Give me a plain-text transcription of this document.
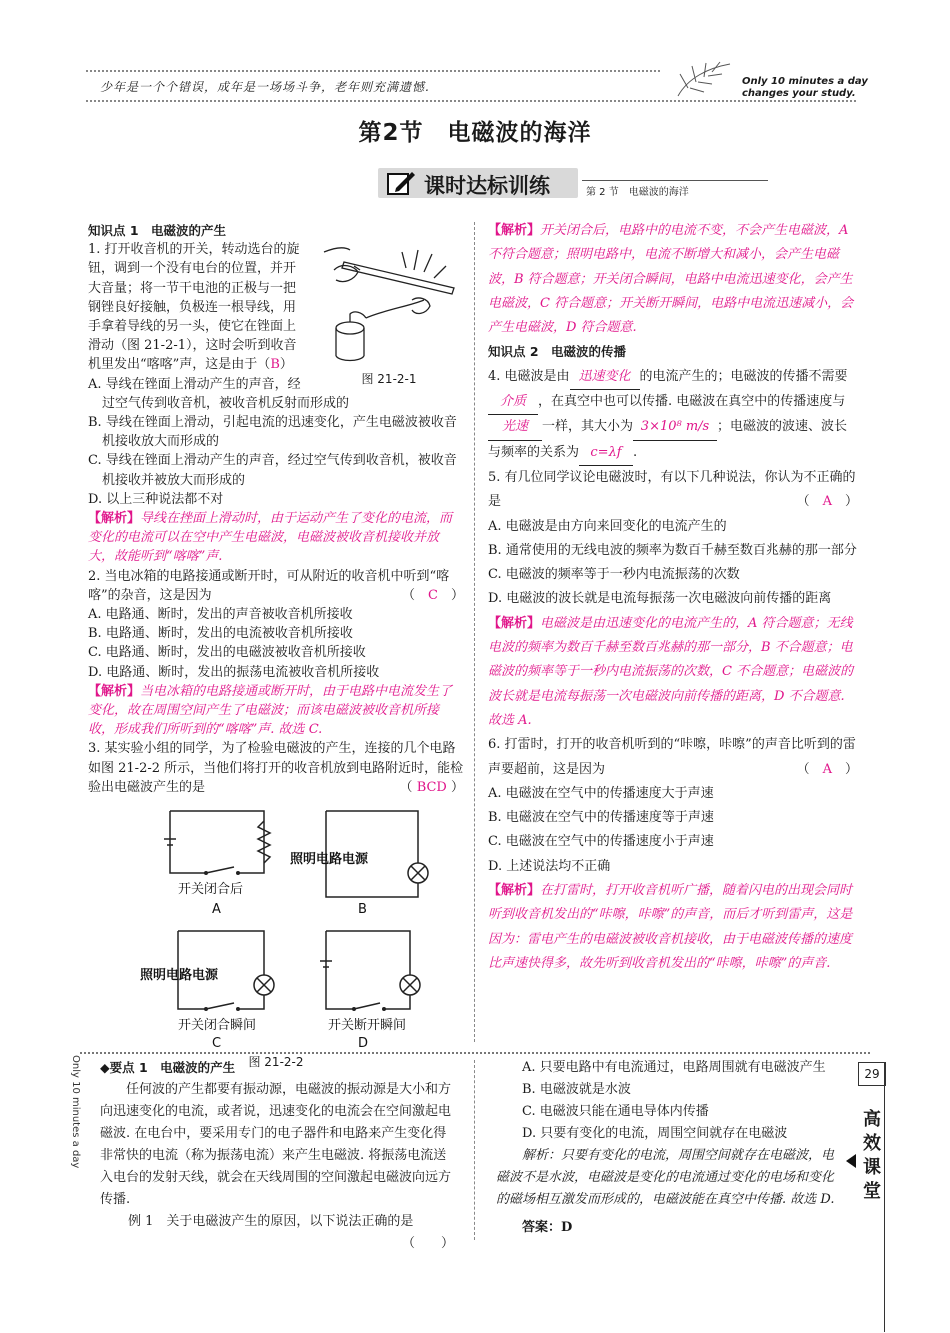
少年是一个个错误，成年是一场场斗争，老年则充满遗憾.	Only 10 minutes a day
changes your study.
第2节　电磁波的海洋
课时达标训练	第 2 节　电磁波的海洋

知识点 1　电磁波的产生

图 21-2-1

1. 打开收音机的开关，转动选台的旋钮，调到一个没有电台的位置，并开大音量；将一节干电池的正极与一把钢锉良好接触，负极连一根导线，用手拿着导线的另一头，使它在锉面上滑动（图 21-2-1），这时会听到收音机里发出“喀喀”声，这是由于（B）

A. 导线在锉面上滑动产生的声音，经过空气传到收音机，被收音机反射而形成的

B. 导线在锉面上滑动，引起电流的迅速变化，产生电磁波被收音机接收放大而形成的

C. 导线在锉面上滑动产生的声音，经过空气传到收音机，被收音机接收并被放大而形成的

D. 以上三种说法都不对

【解析】导线在挫面上滑动时，由于运动产生了变化的电流，而变化的电流可以在空中产生电磁波，电磁波被收音机接收并放大，故能听到“喀喀”声.

2. 当电冰箱的电路接通或断开时，可从附近的收音机中听到“喀喀”的杂音，这是因为	（　C　）

A. 电路通、断时，发出的声音被收音机所接收

B. 电路通、断时，发出的电流被收音机所接收

C. 电路通、断时，发出的电磁波被收音机所接收

D. 电路通、断时，发出的振荡电流被收音机所接收

【解析】当电冰箱的电路接通或断开时，由于电路中电流发生了变化，故在周围空间产生了电磁波；而该电磁波被收音机所接收，形成我们所听到的“喀喀”声. 故选 C.

3. 某实验小组的同学，为了检验电磁波的产生，连接的几个电路如图 21-2-2 所示，当他们将打开的收音机放到电路附近时，能检验出电磁波产生的是	（ BCD ）

开关闭合后
A
照明电路电源
B
照明电路电源
开关闭合瞬间
C
开关断开瞬间
D
图 21-2-2

【解析】开关闭合后，电路中的电流不变，不会产生电磁波，A 不符合题意；照明电路中，电流不断增大和减小，会产生电磁波，B 符合题意；开关闭合瞬间，电路中电流迅速变化，会产生电磁波，C 符合题意；开关断开瞬间，电路中电流迅速减小，会产生电磁波，D 符合题意.

知识点 2　电磁波的传播

4. 电磁波是由 迅速变化 的电流产生的；电磁波的传播不需要介质 ，在真空中也可以传播. 电磁波在真空中的传播速度与光速 一样，其大小为 3×10⁸ m/s ；电磁波的波速、波长与频率的关系为 c=λf .

5. 有几位同学议论电磁波时，有以下几种说法，你认为不正确的是	（　A　）

A. 电磁波是由方向来回变化的电流产生的

B. 通常使用的无线电波的频率为数百千赫至数百兆赫的那一部分

C. 电磁波的频率等于一秒内电流振荡的次数

D. 电磁波的波长就是电流每振荡一次电磁波向前传播的距离

【解析】电磁波是由迅速变化的电流产生的，A 符合题意；无线电波的频率为数百千赫至数百兆赫的那一部分，B 不合题意；电磁波的频率等于一秒内电流振荡的次数，C 不合题意；电磁波的波长就是电流每振荡一次电磁波向前传播的距离，D 不合题意. 故选 A.

6. 打雷时，打开的收音机听到的“咔嚓，咔嚓”的声音比听到的雷声要超前，这是因为	（　A　）

A. 电磁波在空气中的传播速度大于声速

B. 电磁波在空气中的传播速度等于声速

C. 电磁波在空气中的传播速度小于声速

D. 上述说法均不正确

【解析】在打雷时，打开收音机听广播，随着闪电的出现会同时听到收音机发出的“咔嚓，咔嚓”的声音，而后才听到雷声，这是因为：雷电产生的电磁波被收音机接收，由于电磁波传播的速度比声速快得多，故先听到收音机发出的“咔嚓，咔嚓”的声音.

Only 10 minutes a day ◆要点 1　电磁波的产生

任何波的产生都要有振动源，电磁波的振动源是大小和方向迅速变化的电流，或者说，迅速变化的电流会在空间激起电磁波. 在电台中，要采用专门的电子器件和电路来产生变化得非常快的电流（称为振荡电流）来产生电磁波. 将振荡电流送入电台的发射天线，就会在天线周围的空间激起电磁波向远方传播.

例 1　关于电磁波产生的原因，以下说法正确的是

（　　）

A. 只要电路中有电流通过，电路周围就有电磁波产生

B. 电磁波就是水波

C. 电磁波只能在通电导体内传播

D. 只要有变化的电流，周围空间就存在电磁波

解析：只要有变化的电流，周围空间就存在电磁波，电磁波不是水波，电磁波是变化的电流通过变化的电场和变化的磁场相互激发而形成的，电磁波能在真空中传播. 故选 D.

答案：D

29
高
效
课
堂
